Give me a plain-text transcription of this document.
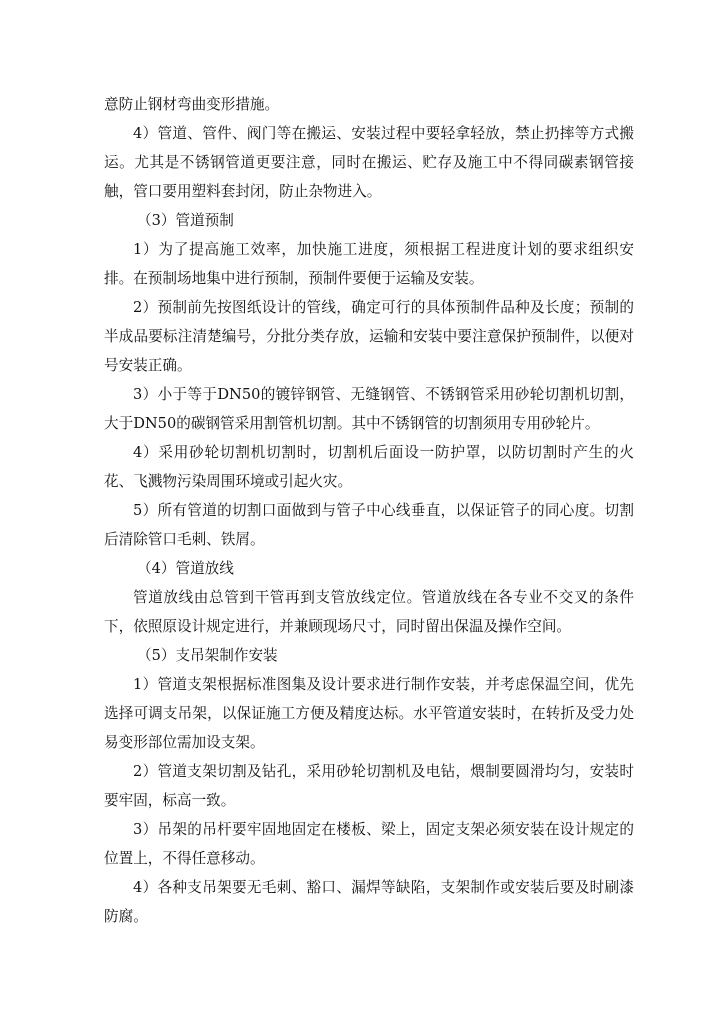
意防止钢材弯曲变形措施。

4）管道、管件、阀门等在搬运、安装过程中要轻拿轻放，禁止扔摔等方式搬运。尤其是不锈钢管道更要注意，同时在搬运、贮存及施工中不得同碳素钢管接触，管口要用塑料套封闭，防止杂物进入。

（3）管道预制

1）为了提高施工效率，加快施工进度，须根据工程进度计划的要求组织安排。在预制场地集中进行预制，预制件要便于运输及安装。

2）预制前先按图纸设计的管线，确定可行的具体预制件品种及长度；预制的半成品要标注清楚编号，分批分类存放，运输和安装中要注意保护预制件，以便对号安装正确。

3）小于等于DN50的镀锌钢管、无缝钢管、不锈钢管采用砂轮切割机切割，大于DN50的碳钢管采用割管机切割。其中不锈钢管的切割须用专用砂轮片。

4）采用砂轮切割机切割时，切割机后面设一防护罩，以防切割时产生的火花、飞溅物污染周围环境或引起火灾。

5）所有管道的切割口面做到与管子中心线垂直，以保证管子的同心度。切割后清除管口毛刺、铁屑。

（4）管道放线

管道放线由总管到干管再到支管放线定位。管道放线在各专业不交叉的条件下，依照原设计规定进行，并兼顾现场尺寸，同时留出保温及操作空间。

（5）支吊架制作安装

1）管道支架根据标准图集及设计要求进行制作安装，并考虑保温空间，优先选择可调支吊架，以保证施工方便及精度达标。水平管道安装时，在转折及受力处易变形部位需加设支架。

2）管道支架切割及钻孔，采用砂轮切割机及电钻，煨制要圆滑均匀，安装时要牢固，标高一致。

3）吊架的吊杆要牢固地固定在楼板、梁上，固定支架必须安装在设计规定的位置上，不得任意移动。

4）各种支吊架要无毛刺、豁口、漏焊等缺陷，支架制作或安装后要及时刷漆防腐。
